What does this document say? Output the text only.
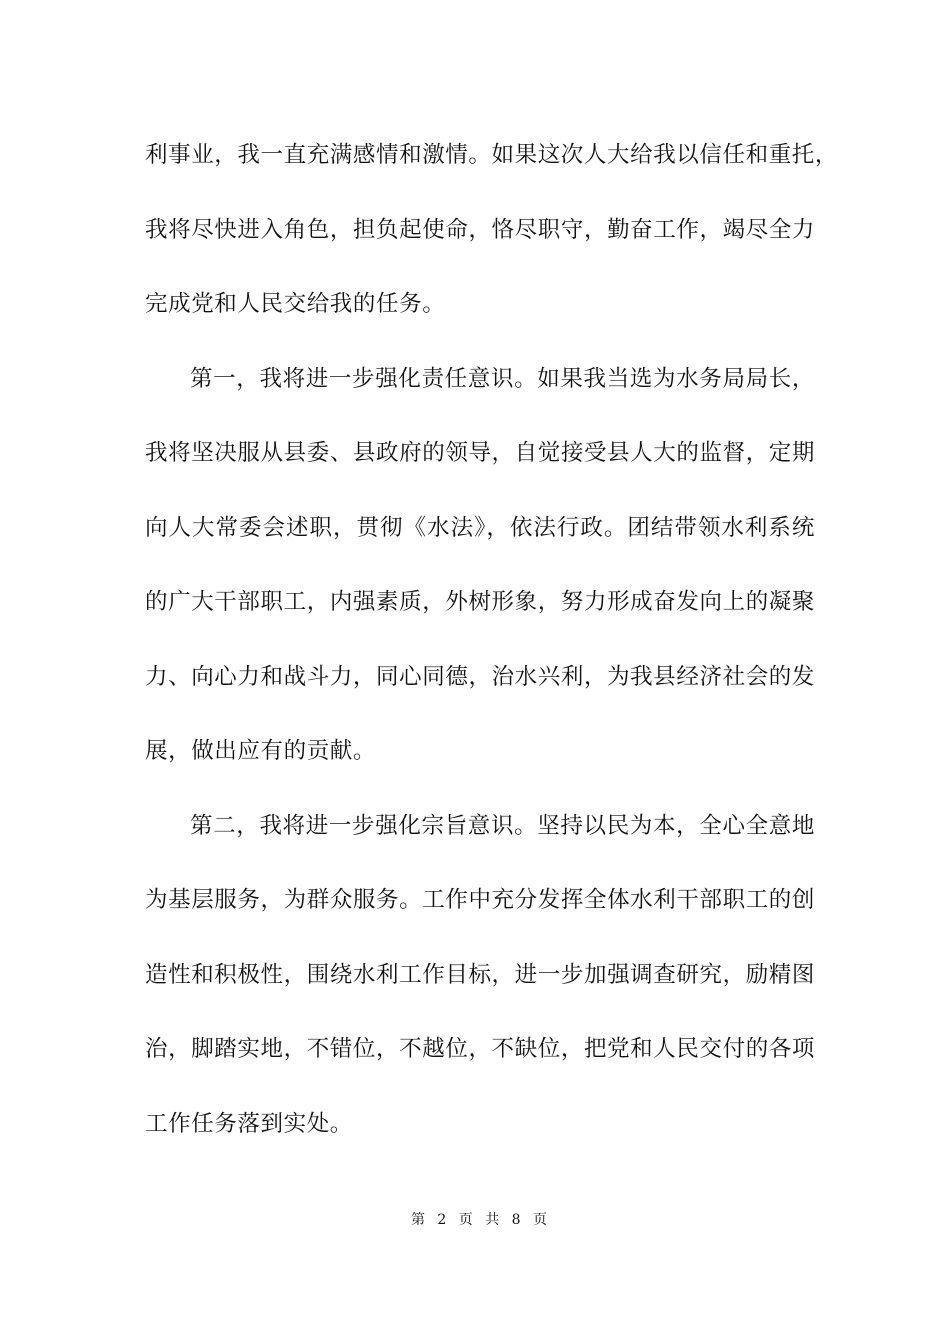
利事业，我一直充满感情和激情。如果这次人大给我以信任和重托，
我将尽快进入角色，担负起使命，恪尽职守，勤奋工作，竭尽全力
完成党和人民交给我的任务。
第一，我将进一步强化责任意识。如果我当选为水务局局长，
我将坚决服从县委、县政府的领导，自觉接受县人大的监督，定期
向人大常委会述职，贯彻《水法》，依法行政。团结带领水利系统
的广大干部职工，内强素质，外树形象，努力形成奋发向上的凝聚
力、向心力和战斗力，同心同德，治水兴利，为我县经济社会的发
展，做出应有的贡献。
第二，我将进一步强化宗旨意识。坚持以民为本，全心全意地
为基层服务，为群众服务。工作中充分发挥全体水利干部职工的创
造性和积极性，围绕水利工作目标，进一步加强调查研究，励精图
治，脚踏实地，不错位，不越位，不缺位，把党和人民交付的各项
工作任务落到实处。
第 2 页 共 8 页
